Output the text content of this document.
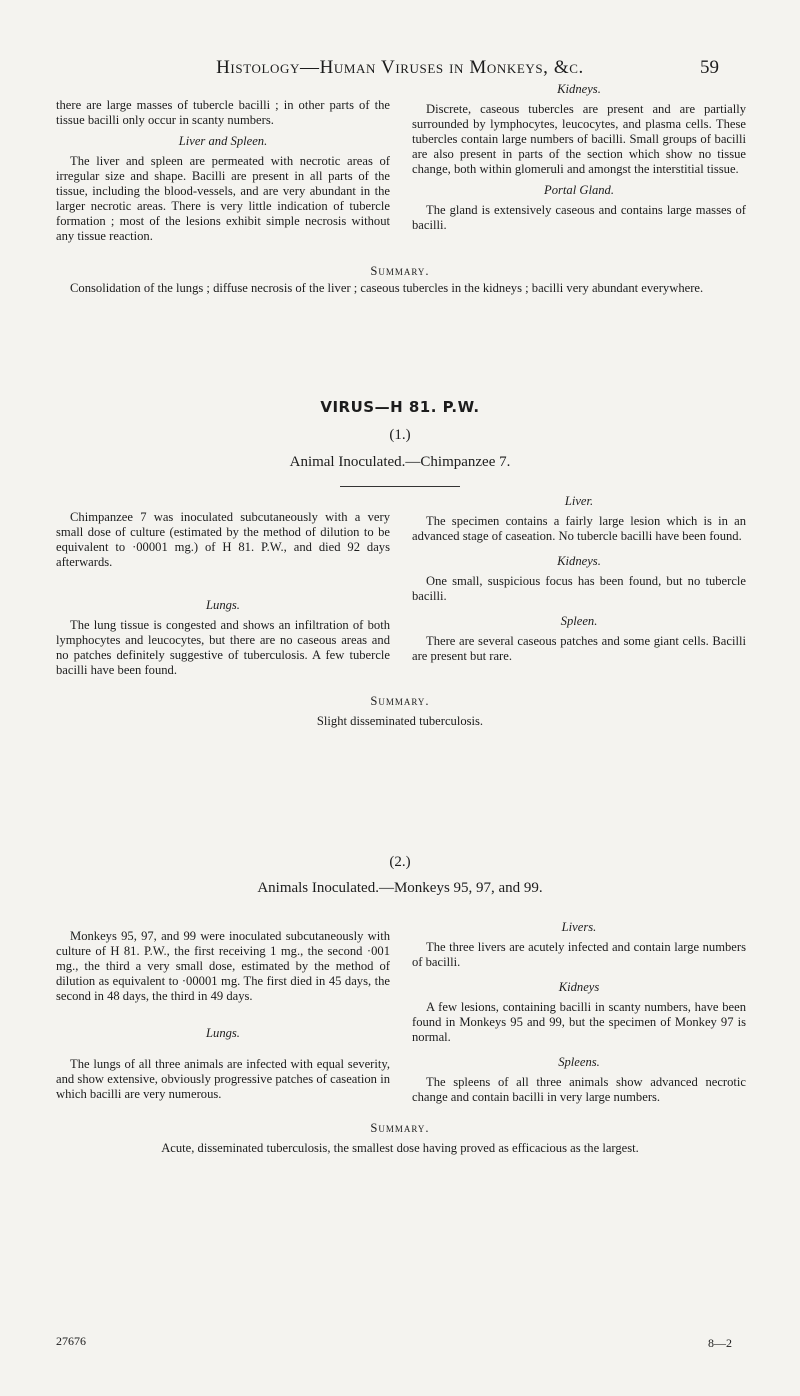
Histology—Human Viruses in Monkeys, &c.	59

there are large masses of tubercle bacilli ; in other parts of the tissue bacilli only occur in scanty numbers.

Liver and Spleen.

The liver and spleen are permeated with necrotic areas of irregular size and shape. Bacilli are present in all parts of the tissue, including the blood-vessels, and are very abundant in the larger necrotic areas. There is very little indication of tubercle formation ; most of the lesions exhibit simple necrosis without any tissue reaction.

Kidneys.

Discrete, caseous tubercles are present and are partially surrounded by lymphocytes, leucocytes, and plasma cells. These tubercles contain large numbers of bacilli. Small groups of bacilli are also present in parts of the section which show no tissue change, both within glomeruli and amongst the interstitial tissue.

Portal Gland.

The gland is extensively caseous and contains large masses of bacilli.

Summary.
Consolidation of the lungs ; diffuse necrosis of the liver ; caseous tubercles in the kidneys ; bacilli very abundant everywhere.
VIRUS—H 81. P.W.
(1.)
Animal Inoculated.—Chimpanzee 7.

Chimpanzee 7 was inoculated subcutaneously with a very small dose of culture (estimated by the method of dilution to be equivalent to ·00001 mg.) of H 81. P.W., and died 92 days afterwards.

Lungs.

The lung tissue is congested and shows an infiltration of both lymphocytes and leucocytes, but there are no caseous areas and no patches definitely suggestive of tuberculosis. A few tubercle bacilli have been found.

Liver.

The specimen contains a fairly large lesion which is in an advanced stage of caseation. No tubercle bacilli have been found.

Kidneys.

One small, suspicious focus has been found, but no tubercle bacilli.

Spleen.

There are several caseous patches and some giant cells. Bacilli are present but rare.

Summary.
Slight disseminated tuberculosis.
(2.)
Animals Inoculated.—Monkeys 95, 97, and 99.

Monkeys 95, 97, and 99 were inoculated subcutaneously with culture of H 81. P.W., the first receiving 1 mg., the second ·001 mg., the third a very small dose, estimated by the method of dilution as equivalent to ·00001 mg. The first died in 45 days, the second in 48 days, the third in 49 days.

Lungs.

The lungs of all three animals are infected with equal severity, and show extensive, obviously progressive patches of caseation in which bacilli are very numerous.

Livers.

The three livers are acutely infected and contain large numbers of bacilli.

Kidneys

A few lesions, containing bacilli in scanty numbers, have been found in Monkeys 95 and 99, but the specimen of Monkey 97 is normal.

Spleens.

The spleens of all three animals show advanced necrotic change and contain bacilli in very large numbers.

Summary.
Acute, disseminated tuberculosis, the smallest dose having proved as efficacious as the largest.
27676	8—2
